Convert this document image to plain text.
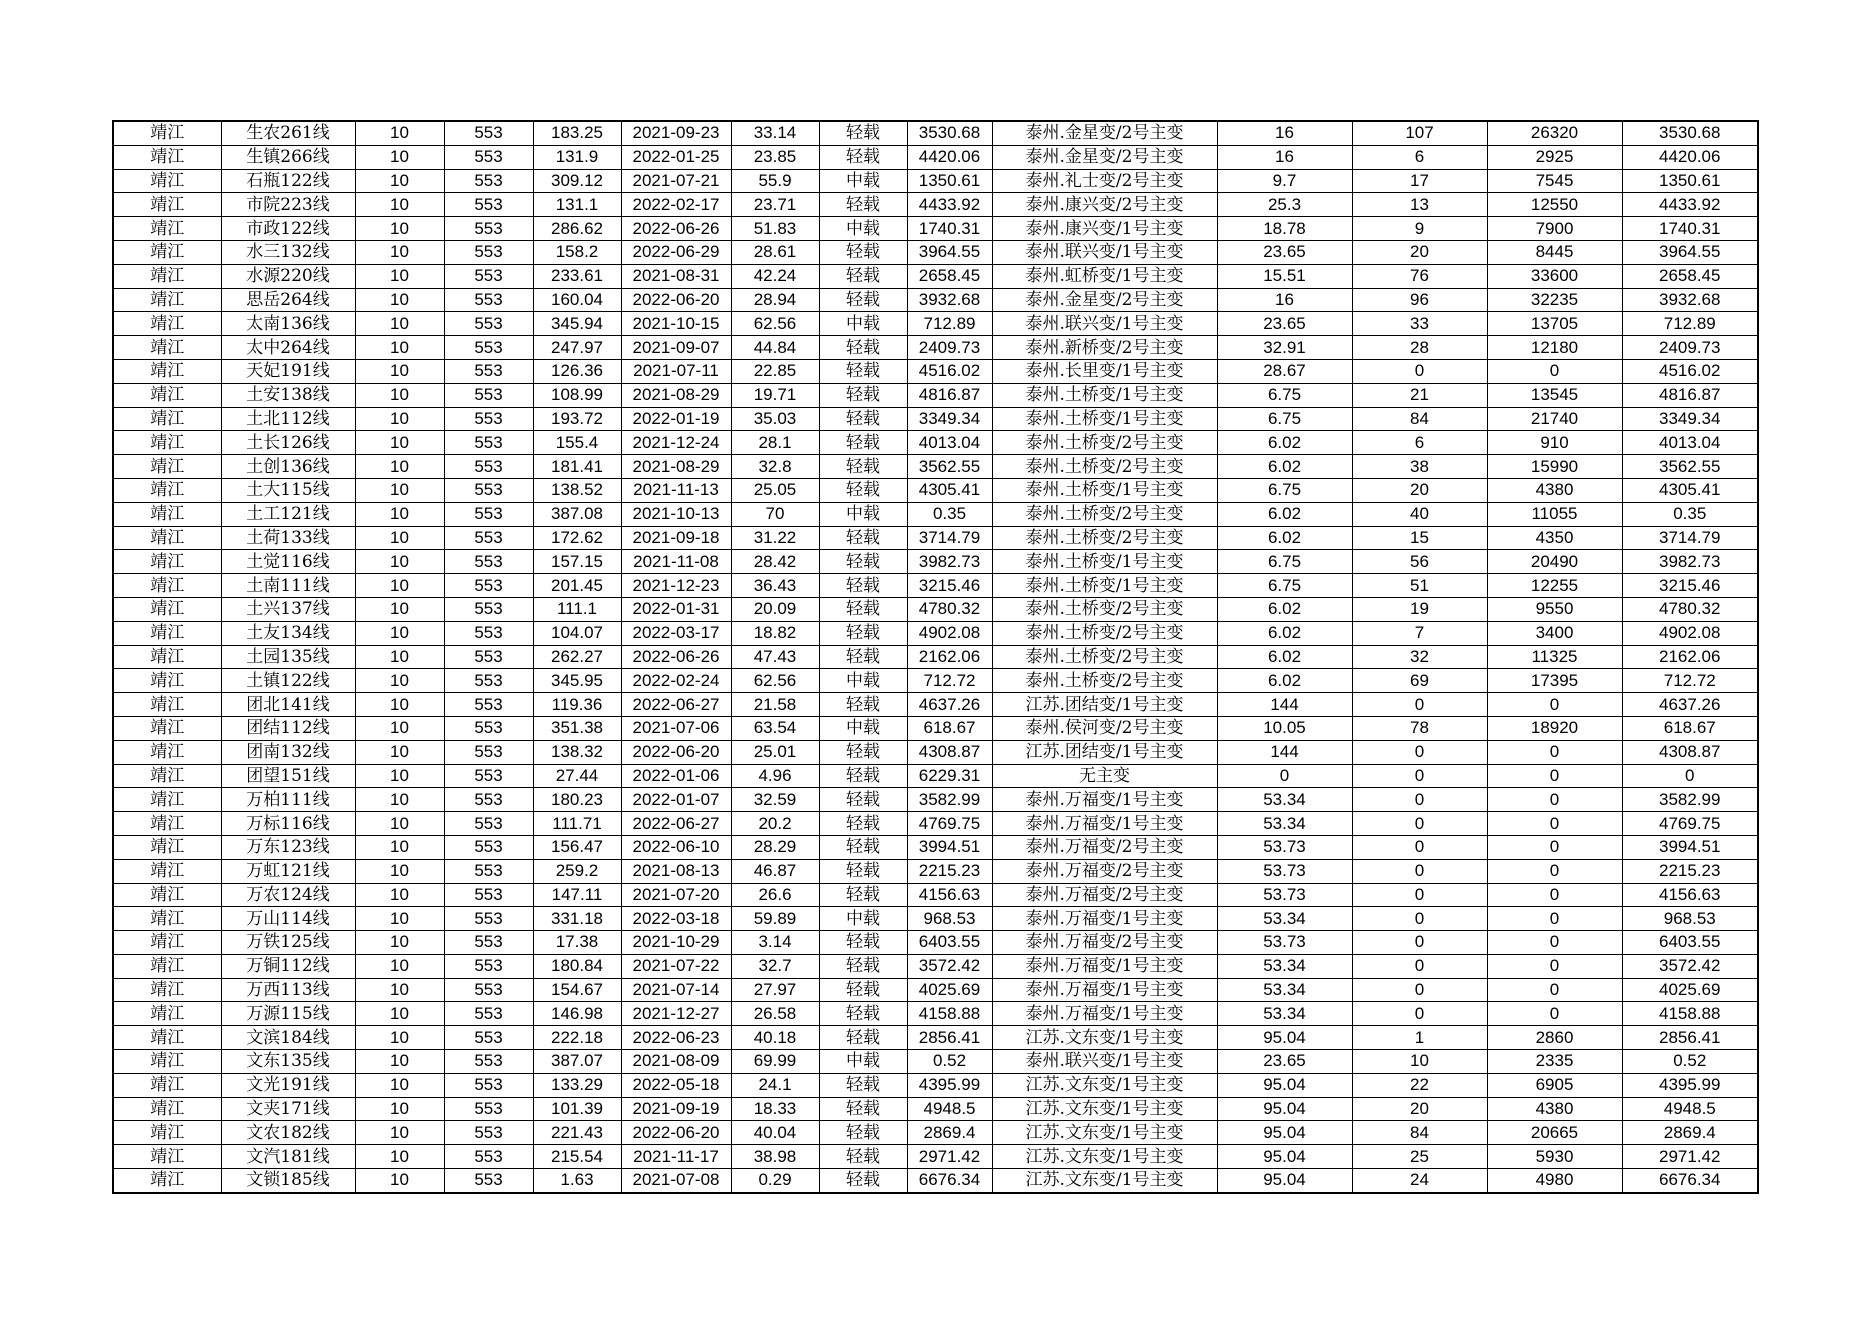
靖江	生农261线	10	553	183.25	2021-09-23	33.14	轻载	3530.68	泰州.金星变/2号主变	16	107	26320	3530.68
靖江	生镇266线	10	553	131.9	2022-01-25	23.85	轻载	4420.06	泰州.金星变/2号主变	16	6	2925	4420.06
靖江	石瓶122线	10	553	309.12	2021-07-21	55.9	中载	1350.61	泰州.礼士变/2号主变	9.7	17	7545	1350.61
靖江	市院223线	10	553	131.1	2022-02-17	23.71	轻载	4433.92	泰州.康兴变/2号主变	25.3	13	12550	4433.92
靖江	市政122线	10	553	286.62	2022-06-26	51.83	中载	1740.31	泰州.康兴变/1号主变	18.78	9	7900	1740.31
靖江	水三132线	10	553	158.2	2022-06-29	28.61	轻载	3964.55	泰州.联兴变/1号主变	23.65	20	8445	3964.55
靖江	水源220线	10	553	233.61	2021-08-31	42.24	轻载	2658.45	泰州.虹桥变/1号主变	15.51	76	33600	2658.45
靖江	思岳264线	10	553	160.04	2022-06-20	28.94	轻载	3932.68	泰州.金星变/2号主变	16	96	32235	3932.68
靖江	太南136线	10	553	345.94	2021-10-15	62.56	中载	712.89	泰州.联兴变/1号主变	23.65	33	13705	712.89
靖江	太中264线	10	553	247.97	2021-09-07	44.84	轻载	2409.73	泰州.新桥变/2号主变	32.91	28	12180	2409.73
靖江	天妃191线	10	553	126.36	2021-07-11	22.85	轻载	4516.02	泰州.长里变/1号主变	28.67	0	0	4516.02
靖江	土安138线	10	553	108.99	2021-08-29	19.71	轻载	4816.87	泰州.土桥变/1号主变	6.75	21	13545	4816.87
靖江	土北112线	10	553	193.72	2022-01-19	35.03	轻载	3349.34	泰州.土桥变/1号主变	6.75	84	21740	3349.34
靖江	土长126线	10	553	155.4	2021-12-24	28.1	轻载	4013.04	泰州.土桥变/2号主变	6.02	6	910	4013.04
靖江	土创136线	10	553	181.41	2021-08-29	32.8	轻载	3562.55	泰州.土桥变/2号主变	6.02	38	15990	3562.55
靖江	土大115线	10	553	138.52	2021-11-13	25.05	轻载	4305.41	泰州.土桥变/1号主变	6.75	20	4380	4305.41
靖江	土工121线	10	553	387.08	2021-10-13	70	中载	0.35	泰州.土桥变/2号主变	6.02	40	11055	0.35
靖江	土荷133线	10	553	172.62	2021-09-18	31.22	轻载	3714.79	泰州.土桥变/2号主变	6.02	15	4350	3714.79
靖江	土觉116线	10	553	157.15	2021-11-08	28.42	轻载	3982.73	泰州.土桥变/1号主变	6.75	56	20490	3982.73
靖江	土南111线	10	553	201.45	2021-12-23	36.43	轻载	3215.46	泰州.土桥变/1号主变	6.75	51	12255	3215.46
靖江	土兴137线	10	553	111.1	2022-01-31	20.09	轻载	4780.32	泰州.土桥变/2号主变	6.02	19	9550	4780.32
靖江	土友134线	10	553	104.07	2022-03-17	18.82	轻载	4902.08	泰州.土桥变/2号主变	6.02	7	3400	4902.08
靖江	土园135线	10	553	262.27	2022-06-26	47.43	轻载	2162.06	泰州.土桥变/2号主变	6.02	32	11325	2162.06
靖江	土镇122线	10	553	345.95	2022-02-24	62.56	中载	712.72	泰州.土桥变/2号主变	6.02	69	17395	712.72
靖江	团北141线	10	553	119.36	2022-06-27	21.58	轻载	4637.26	江苏.团结变/1号主变	144	0	0	4637.26
靖江	团结112线	10	553	351.38	2021-07-06	63.54	中载	618.67	泰州.侯河变/2号主变	10.05	78	18920	618.67
靖江	团南132线	10	553	138.32	2022-06-20	25.01	轻载	4308.87	江苏.团结变/1号主变	144	0	0	4308.87
靖江	团望151线	10	553	27.44	2022-01-06	4.96	轻载	6229.31	无主变	0	0	0	0
靖江	万柏111线	10	553	180.23	2022-01-07	32.59	轻载	3582.99	泰州.万福变/1号主变	53.34	0	0	3582.99
靖江	万标116线	10	553	111.71	2022-06-27	20.2	轻载	4769.75	泰州.万福变/1号主变	53.34	0	0	4769.75
靖江	万东123线	10	553	156.47	2022-06-10	28.29	轻载	3994.51	泰州.万福变/2号主变	53.73	0	0	3994.51
靖江	万虹121线	10	553	259.2	2021-08-13	46.87	轻载	2215.23	泰州.万福变/2号主变	53.73	0	0	2215.23
靖江	万农124线	10	553	147.11	2021-07-20	26.6	轻载	4156.63	泰州.万福变/2号主变	53.73	0	0	4156.63
靖江	万山114线	10	553	331.18	2022-03-18	59.89	中载	968.53	泰州.万福变/1号主变	53.34	0	0	968.53
靖江	万铁125线	10	553	17.38	2021-10-29	3.14	轻载	6403.55	泰州.万福变/2号主变	53.73	0	0	6403.55
靖江	万铜112线	10	553	180.84	2021-07-22	32.7	轻载	3572.42	泰州.万福变/1号主变	53.34	0	0	3572.42
靖江	万西113线	10	553	154.67	2021-07-14	27.97	轻载	4025.69	泰州.万福变/1号主变	53.34	0	0	4025.69
靖江	万源115线	10	553	146.98	2021-12-27	26.58	轻载	4158.88	泰州.万福变/1号主变	53.34	0	0	4158.88
靖江	文滨184线	10	553	222.18	2022-06-23	40.18	轻载	2856.41	江苏.文东变/1号主变	95.04	1	2860	2856.41
靖江	文东135线	10	553	387.07	2021-08-09	69.99	中载	0.52	泰州.联兴变/1号主变	23.65	10	2335	0.52
靖江	文光191线	10	553	133.29	2022-05-18	24.1	轻载	4395.99	江苏.文东变/1号主变	95.04	22	6905	4395.99
靖江	文夹171线	10	553	101.39	2021-09-19	18.33	轻载	4948.5	江苏.文东变/1号主变	95.04	20	4380	4948.5
靖江	文农182线	10	553	221.43	2022-06-20	40.04	轻载	2869.4	江苏.文东变/1号主变	95.04	84	20665	2869.4
靖江	文汽181线	10	553	215.54	2021-11-17	38.98	轻载	2971.42	江苏.文东变/1号主变	95.04	25	5930	2971.42
靖江	文锁185线	10	553	1.63	2021-07-08	0.29	轻载	6676.34	江苏.文东变/1号主变	95.04	24	4980	6676.34
